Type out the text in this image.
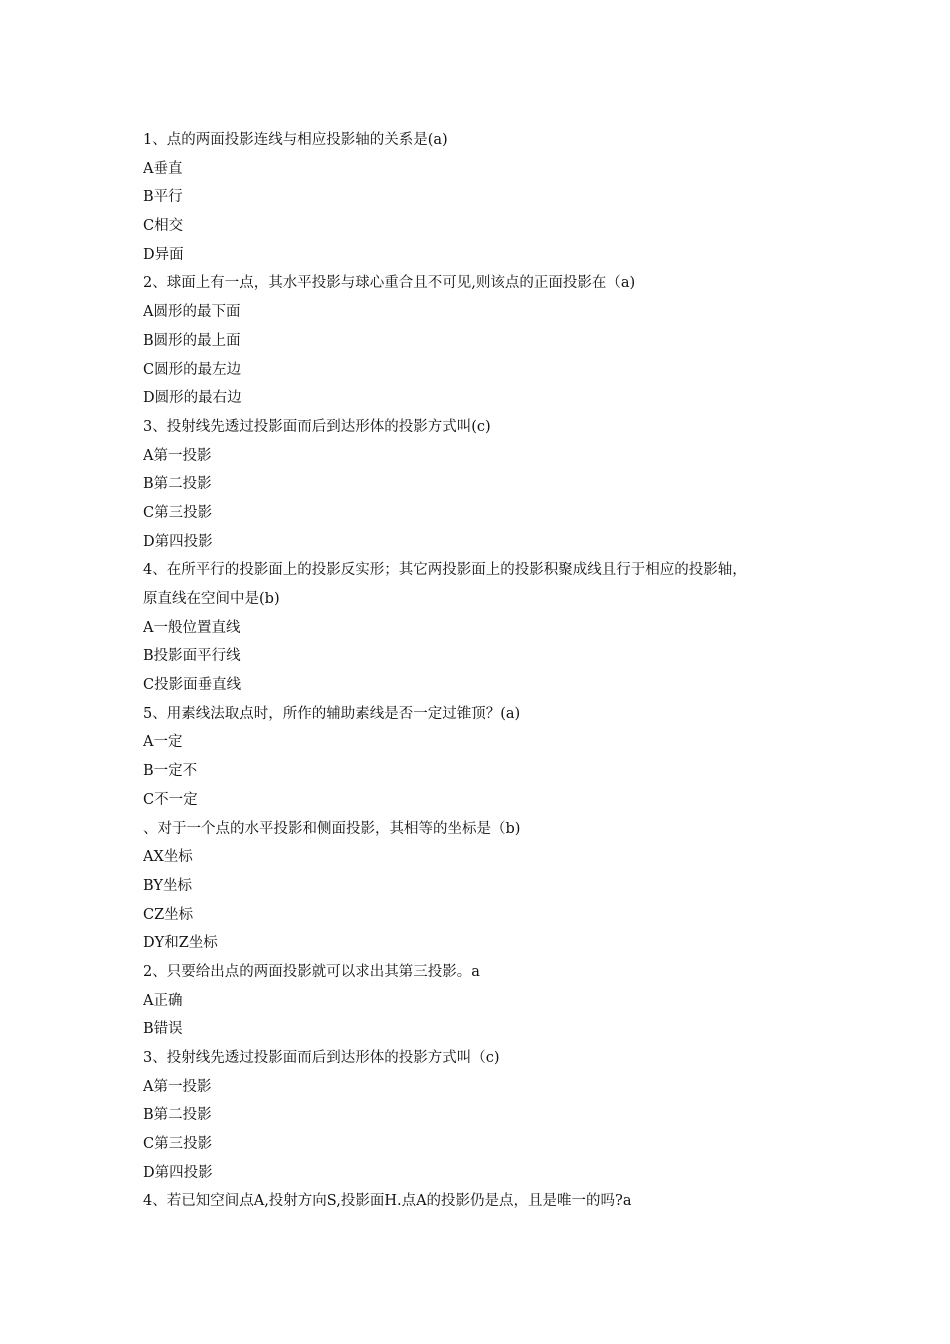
1、点的两面投影连线与相应投影轴的关系是(a)
A垂直
B平行
C相交
D异面
2、球面上有一点，其水平投影与球心重合且不可见,则该点的正面投影在（a)
A圆形的最下面
B圆形的最上面
C圆形的最左边
D圆形的最右边
3、投射线先透过投影面而后到达形体的投影方式叫(c)
A第一投影
B第二投影
C第三投影
D第四投影
4、在所平行的投影面上的投影反实形；其它两投影面上的投影积聚成线且行于相应的投影轴，
原直线在空间中是(b)
A一般位置直线
B投影面平行线
C投影面垂直线
5、用素线法取点时，所作的辅助素线是否一定过锥顶？(a)
A一定
B一定不
C不一定
、对于一个点的水平投影和侧面投影，其相等的坐标是（b)
AX坐标
BY坐标
CZ坐标
DY和Z坐标
2、只要给出点的两面投影就可以求出其第三投影。a
A正确
B错误
3、投射线先透过投影面而后到达形体的投影方式叫（c)
A第一投影
B第二投影
C第三投影
D第四投影
4、若已知空间点A,投射方向S,投影面H.点A的投影仍是点，且是唯一的吗?a
